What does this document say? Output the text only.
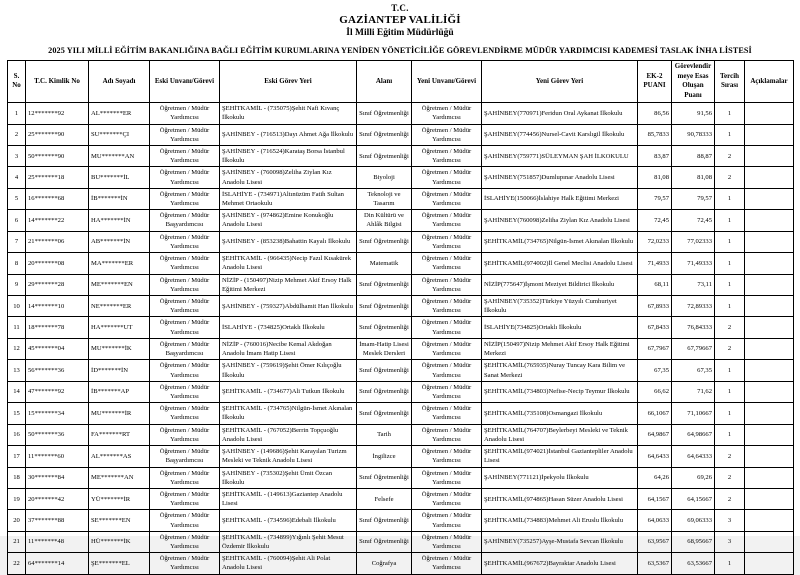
T.C.
GAZİANTEP VALİLİĞİ
İl Milli Eğitim Müdürlüğü
2025 YILI MİLLİ EĞİTİM BAKANLIĞINA BAĞLI EĞİTİM KURUMLARINA YENİDEN YÖNETİCİLİĞE GÖREVLENDİRME MÜDÜR YARDIMCISI KADEMESİ TASLAK İNHA LİSTESİ
S. No	T.C. Kimlik No	Adı Soyadı	Eski Unvanı/Görevi	Eski Görev Yeri	Alanı	Yeni Unvanı/Görevi	Yeni Görev Yeri	EK-2 PUANI	Görevlendirmeye Esas Oluşan Puanı	Tercih Sırası	Açıklamalar
1	12*******92	AL*******ER	Öğretmen / Müdür Yardımcısı	ŞEHİTKAMİL - (735075)Şehit Nafi Kıvanç İlkokulu	Sınıf Öğretmenliği	Öğretmen / Müdür Yardımcısı	ŞAHİNBEY(770971)Feridun Oral Aykanat İlkokulu	86,56	91,56	1	
2	25*******90	SU*******ÇI	Öğretmen / Müdür Yardımcısı	ŞAHİNBEY - (716513)Dayı Ahmet Ağa İlkokulu	Sınıf Öğretmenliği	Öğretmen / Müdür Yardımcısı	ŞAHİNBEY(774456)Nursel-Cavit Karslıgil İlkokulu	85,7833	90,78333	1	
3	50*******90	MU*******AN	Öğretmen / Müdür Yardımcısı	ŞAHİNBEY - (716524)Karataş Borsa İstanbul İlkokulu	Sınıf Öğretmenliği	Öğretmen / Müdür Yardımcısı	ŞAHİNBEY(759771)SÜLEYMAN ŞAH İLKOKULU	83,87	88,87	2	
4	25*******18	BU*******İL	Öğretmen / Müdür Yardımcısı	ŞAHİNBEY - (760098)Zeliha Ziylan Kız Anadolu Lisesi	Biyoloji	Öğretmen / Müdür Yardımcısı	ŞAHİNBEY(751857)Dumlupınar Anadolu Lisesi	81,08	81,08	2	
5	16*******68	İB*******İN	Öğretmen / Müdür Yardımcısı	İSLAHİYE - (734971)Altınüzüm Fatih Sultan Mehmet Ortaokulu	Teknoloji ve Tasarım	Öğretmen / Müdür Yardımcısı	İSLAHİYE(150066)İslahiye Halk Eğitimi Merkezi	79,57	79,57	1	
6	14*******22	HA*******İN	Öğretmen / Müdür Başyardımcısı	ŞAHİNBEY - (974862)Emine Konukoğlu Anadolu Lisesi	Din Kültürü ve Ahlâk Bilgisi	Öğretmen / Müdür Yardımcısı	ŞAHİNBEY(760098)Zeliha Ziylan Kız Anadolu Lisesi	72,45	72,45	1	
7	21*******06	AB*******İN	Öğretmen / Müdür Yardımcısı	ŞAHİNBEY - (853238)Bahattin Kayalı İlkokulu	Sınıf Öğretmenliği	Öğretmen / Müdür Yardımcısı	ŞEHİTKAMİL(734765)Nilgün-İsmet Akınalan İlkokulu	72,0233	77,02333	1	
8	20*******08	MA*******ER	Öğretmen / Müdür Yardımcısı	ŞEHİTKAMİL - (966435)Necip Fazıl Kısakürek Anadolu Lisesi	Matematik	Öğretmen / Müdür Yardımcısı	ŞEHİTKAMİL(974002)İl Genel Meclisi Anadolu Lisesi	71,4933	71,49333	1	
9	29*******28	ME*******EN	Öğretmen / Müdür Yardımcısı	NİZİP - (150497)Nizip Mehmet Akif Ersoy Halk Eğitimi Merkezi	Sınıf Öğretmenliği	Öğretmen / Müdür Yardımcısı	NİZİP(775647)İşmont Meziyet Bildirici İlkokulu	68,11	73,11	1	
10	14*******10	NE*******ER	Öğretmen / Müdür Yardımcısı	ŞAHİNBEY - (759327)Abdülhamit Han İlkokulu	Sınıf Öğretmenliği	Öğretmen / Müdür Yardımcısı	ŞAHİNBEY(735352)Türkiye Yüzyılı Cumhuriyet İlkokulu	67,8933	72,89333	1	
11	18*******78	HA*******UT	Öğretmen / Müdür Yardımcısı	İSLAHİYE - (734825)Ortaklı İlkokulu	Sınıf Öğretmenliği	Öğretmen / Müdür Yardımcısı	İSLAHİYE(734825)Ortaklı İlkokulu	67,8433	76,84333	2	
12	45*******04	MU*******İK	Öğretmen / Müdür Başyardımcısı	NİZİP - (760016)Necibe Kemal Akdoğan Anadolu İmam Hatip Lisesi	İmam-Hatip Lisesi Meslek Dersleri	Öğretmen / Müdür Yardımcısı	NİZİP(150497)Nizip Mehmet Akif Ersoy Halk Eğitimi Merkezi	67,7967	67,79667	2	
13	56*******36	İD*******İN	Öğretmen / Müdür Yardımcısı	ŞAHİNBEY - (759619)Şehit Ömer Kılıçoğlu İlkokulu	Sınıf Öğretmenliği	Öğretmen / Müdür Yardımcısı	ŞEHİTKAMİL(765935)Nuray Tuncay Kara Bilim ve Sanat Merkezi	67,35	67,35	1	
14	47*******92	İB*******AP	Öğretmen / Müdür Yardımcısı	ŞEHİTKAMİL - (734677)Ali Tutkun İlkokulu	Sınıf Öğretmenliği	Öğretmen / Müdür Yardımcısı	ŞEHİTKAMİL(734803)Nefise-Necip Teymur İlkokulu	66,62	71,62	1	
15	15*******34	MU*******İR	Öğretmen / Müdür Yardımcısı	ŞEHİTKAMİL - (734765)Nilgün-İsmet Akınalan İlkokulu	Sınıf Öğretmenliği	Öğretmen / Müdür Yardımcısı	ŞEHİTKAMİL(735108)Osmangazi İlkokulu	66,1067	71,10667	1	
16	50*******36	FA*******RT	Öğretmen / Müdür Yardımcısı	ŞEHİTKAMİL - (767052)Berrin Topçuoğlu Anadolu Lisesi	Tarih	Öğretmen / Müdür Yardımcısı	ŞEHİTKAMİL(764707)Beylerbeyi Mesleki ve Teknik Anadolu Lisesi	64,9867	64,98667	1	
17	11*******60	AL*******AS	Öğretmen / Müdür Başyardımcısı	ŞAHİNBEY - (149686)Şehit Karayılan Turizm Mesleki ve Teknik Anadolu Lisesi	İngilizce	Öğretmen / Müdür Yardımcısı	ŞEHİTKAMİL(974021)İstanbul Gaziantepliler Anadolu Lisesi	64,6433	64,64333	2	
18	30*******84	ME*******AN	Öğretmen / Müdür Yardımcısı	ŞAHİNBEY - (735302)Şehit Ümit Özcan İlkokulu	Sınıf Öğretmenliği	Öğretmen / Müdür Yardımcısı	ŞAHİNBEY(771121)İpekyolu İlkokulu	64,26	69,26	2	
19	20*******42	YÜ*******İR	Öğretmen / Müdür Yardımcısı	ŞEHİTKAMİL - (149613)Gaziantep Anadolu Lisesi	Felsefe	Öğretmen / Müdür Yardımcısı	ŞEHİTKAMİL(974865)Hasan Süzer Anadolu Lisesi	64,1567	64,15667	2	
20	37*******88	SE*******EN	Öğretmen / Müdür Yardımcısı	ŞEHİTKAMİL - (734596)Edebali İlkokulu	Sınıf Öğretmenliği	Öğretmen / Müdür Yardımcısı	ŞEHİTKAMİL(734883)Mehmet Ali Eruslu İlkokulu	64,0633	69,06333	3	
21	11*******48	HÜ*******İK	Öğretmen / Müdür Yardımcısı	ŞEHİTKAMİL - (734899)Yığınlı Şehit Mesut Özdemir İlkokulu	Sınıf Öğretmenliği	Öğretmen / Müdür Yardımcısı	ŞAHİNBEY(735257)Ayşe-Mustafa Sevcan İlkokulu	63,9567	68,95667	3	
22	64*******14	ŞE*******EL	Öğretmen / Müdür Yardımcısı	ŞEHİTKAMİL - (760094)Şehit Ali Polat Anadolu Lisesi	Coğrafya	Öğretmen / Müdür Yardımcısı	ŞEHİTKAMİL(967672)Bayraktar Anadolu Lisesi	63,5367	63,53667	1	
